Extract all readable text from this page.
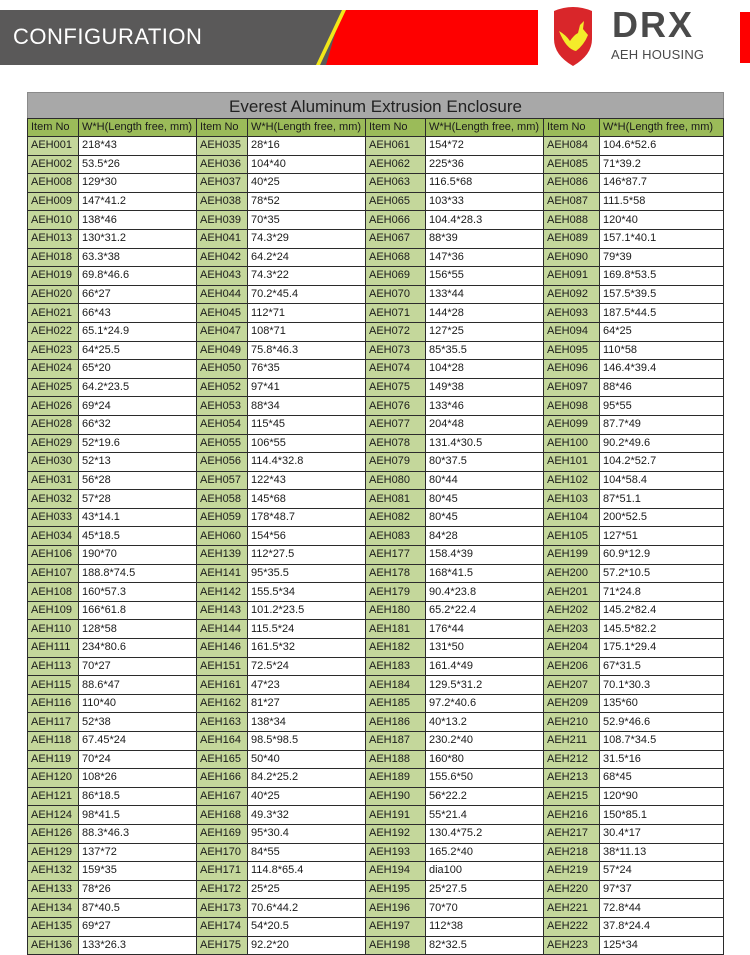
CONFIGURATION	DRX
AEH HOUSING
Everest Aluminum Extrusion Enclosure
Item No	W*H(Length free, mm)	Item No	W*H(Length free, mm)	Item No	W*H(Length free, mm)	Item No	W*H(Length free, mm)
AEH001	218*43	AEH035	28*16	AEH061	154*72	AEH084	104.6*52.6
AEH002	53.5*26	AEH036	104*40	AEH062	225*36	AEH085	71*39.2
AEH008	129*30	AEH037	40*25	AEH063	116.5*68	AEH086	146*87.7
AEH009	147*41.2	AEH038	78*52	AEH065	103*33	AEH087	111.5*58
AEH010	138*46	AEH039	70*35	AEH066	104.4*28.3	AEH088	120*40
AEH013	130*31.2	AEH041	74.3*29	AEH067	88*39	AEH089	157.1*40.1
AEH018	63.3*38	AEH042	64.2*24	AEH068	147*36	AEH090	79*39
AEH019	69.8*46.6	AEH043	74.3*22	AEH069	156*55	AEH091	169.8*53.5
AEH020	66*27	AEH044	70.2*45.4	AEH070	133*44	AEH092	157.5*39.5
AEH021	66*43	AEH045	112*71	AEH071	144*28	AEH093	187.5*44.5
AEH022	65.1*24.9	AEH047	108*71	AEH072	127*25	AEH094	64*25
AEH023	64*25.5	AEH049	75.8*46.3	AEH073	85*35.5	AEH095	110*58
AEH024	65*20	AEH050	76*35	AEH074	104*28	AEH096	146.4*39.4
AEH025	64.2*23.5	AEH052	97*41	AEH075	149*38	AEH097	88*46
AEH026	69*24	AEH053	88*34	AEH076	133*46	AEH098	95*55
AEH028	66*32	AEH054	115*45	AEH077	204*48	AEH099	87.7*49
AEH029	52*19.6	AEH055	106*55	AEH078	131.4*30.5	AEH100	90.2*49.6
AEH030	52*13	AEH056	114.4*32.8	AEH079	80*37.5	AEH101	104.2*52.7
AEH031	56*28	AEH057	122*43	AEH080	80*44	AEH102	104*58.4
AEH032	57*28	AEH058	145*68	AEH081	80*45	AEH103	87*51.1
AEH033	43*14.1	AEH059	178*48.7	AEH082	80*45	AEH104	200*52.5
AEH034	45*18.5	AEH060	154*56	AEH083	84*28	AEH105	127*51
AEH106	190*70	AEH139	112*27.5	AEH177	158.4*39	AEH199	60.9*12.9
AEH107	188.8*74.5	AEH141	95*35.5	AEH178	168*41.5	AEH200	57.2*10.5
AEH108	160*57.3	AEH142	155.5*34	AEH179	90.4*23.8	AEH201	71*24.8
AEH109	166*61.8	AEH143	101.2*23.5	AEH180	65.2*22.4	AEH202	145.2*82.4
AEH110	128*58	AEH144	115.5*24	AEH181	176*44	AEH203	145.5*82.2
AEH111	234*80.6	AEH146	161.5*32	AEH182	131*50	AEH204	175.1*29.4
AEH113	70*27	AEH151	72.5*24	AEH183	161.4*49	AEH206	67*31.5
AEH115	88.6*47	AEH161	47*23	AEH184	129.5*31.2	AEH207	70.1*30.3
AEH116	110*40	AEH162	81*27	AEH185	97.2*40.6	AEH209	135*60
AEH117	52*38	AEH163	138*34	AEH186	40*13.2	AEH210	52.9*46.6
AEH118	67.45*24	AEH164	98.5*98.5	AEH187	230.2*40	AEH211	108.7*34.5
AEH119	70*24	AEH165	50*40	AEH188	160*80	AEH212	31.5*16
AEH120	108*26	AEH166	84.2*25.2	AEH189	155.6*50	AEH213	68*45
AEH121	86*18.5	AEH167	40*25	AEH190	56*22.2	AEH215	120*90
AEH124	98*41.5	AEH168	49.3*32	AEH191	55*21.4	AEH216	150*85.1
AEH126	88.3*46.3	AEH169	95*30.4	AEH192	130.4*75.2	AEH217	30.4*17
AEH129	137*72	AEH170	84*55	AEH193	165.2*40	AEH218	38*11.13
AEH132	159*35	AEH171	114.8*65.4	AEH194	dia100	AEH219	57*24
AEH133	78*26	AEH172	25*25	AEH195	25*27.5	AEH220	97*37
AEH134	87*40.5	AEH173	70.6*44.2	AEH196	70*70	AEH221	72.8*44
AEH135	69*27	AEH174	54*20.5	AEH197	112*38	AEH222	37.8*24.4
AEH136	133*26.3	AEH175	92.2*20	AEH198	82*32.5	AEH223	125*34
